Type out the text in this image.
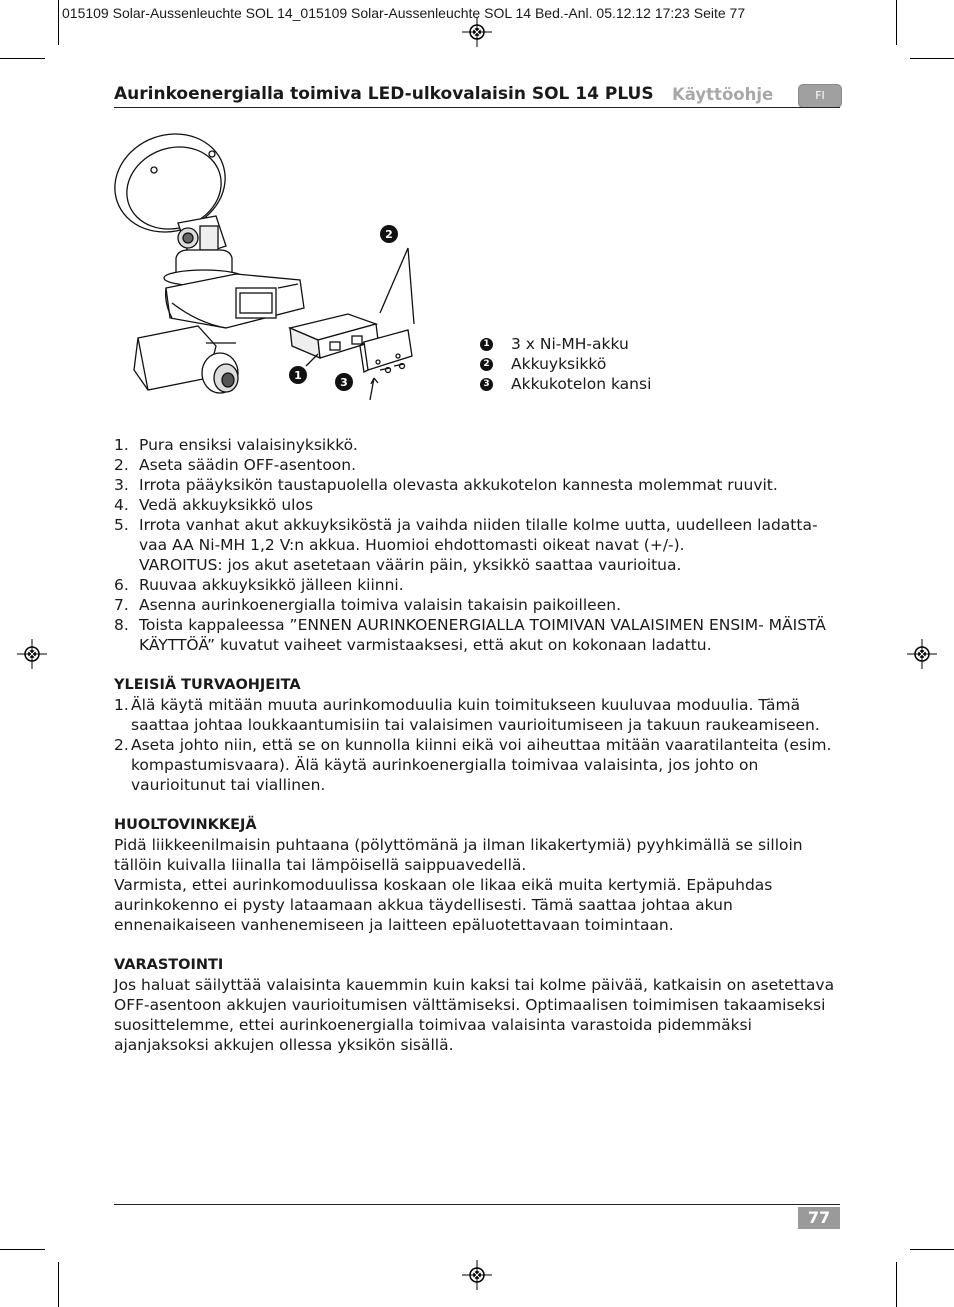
015109 Solar-Aussenleuchte SOL 14_015109 Solar-Aussenleuchte SOL 14 Bed.-Anl. 05.12.12 17:23 Seite 77
Aurinkoenergialla toimiva LED-ulkovalaisin SOL 14 PLUS Käyttöohje	FI
2
1
3
1 3 x Ni-MH-akku
2 Akkuyksikkö
3 Akkukotelon kansi
1. Pura ensiksi valaisinyksikkö.
2. Aseta säädin OFF-asentoon.
3. Irrota pääyksikön taustapuolella olevasta akkukotelon kannesta molemmat ruuvit.
4. Vedä akkuyksikkö ulos
5. Irrota vanhat akut akkuyksiköstä ja vaihda niiden tilalle kolme uutta, uudelleen ladatta- vaa AA Ni-MH 1,2 V:n akkua. Huomioi ehdottomasti oikeat navat (+/-).
VAROITUS: jos akut asetetaan väärin päin, yksikkö saattaa vaurioitua.
6. Ruuvaa akkuyksikkö jälleen kiinni.
7. Asenna aurinkoenergialla toimiva valaisin takaisin paikoilleen.
8. Toista kappaleessa ”ENNEN AURINKOENERGIALLA TOIMIVAN VALAISIMEN ENSIM- MÄISTÄ KÄYTTÖÄ” kuvatut vaiheet varmistaaksesi, että akut on kokonaan ladattu.
YLEISIÄ TURVAOHJEITA
1. Älä käytä mitään muuta aurinkomoduulia kuin toimitukseen kuuluvaa moduulia. Tämä saattaa johtaa loukkaantumisiin tai valaisimen vaurioitumiseen ja takuun raukeamiseen.
2. Aseta johto niin, että se on kunnolla kiinni eikä voi aiheuttaa mitään vaaratilanteita (esim. kompastumisvaara). Älä käytä aurinkoenergialla toimivaa valaisinta, jos johto on vaurioitunut tai viallinen.
HUOLTOVINKKEJÄ

Pidä liikkeenilmaisin puhtaana (pölyttömänä ja ilman likakertymiä) pyyhkimällä se silloin tällöin kuivalla liinalla tai lämpöisellä saippuavedellä.

Varmista, ettei aurinkomoduulissa koskaan ole likaa eikä muita kertymiä. Epäpuhdas aurinkokenno ei pysty lataamaan akkua täydellisesti. Tämä saattaa johtaa akun ennenaikaiseen vanhenemiseen ja laitteen epäluotettavaan toimintaan.

VARASTOINTI

Jos haluat säilyttää valaisinta kauemmin kuin kaksi tai kolme päivää, katkaisin on asetettava OFF-asentoon akkujen vaurioitumisen välttämiseksi. Optimaalisen toimimisen takaamiseksi suosittelemme, ettei aurinkoenergialla toimivaa valaisinta varastoida pidemmäksi ajanjaksoksi akkujen ollessa yksikön sisällä.

77
